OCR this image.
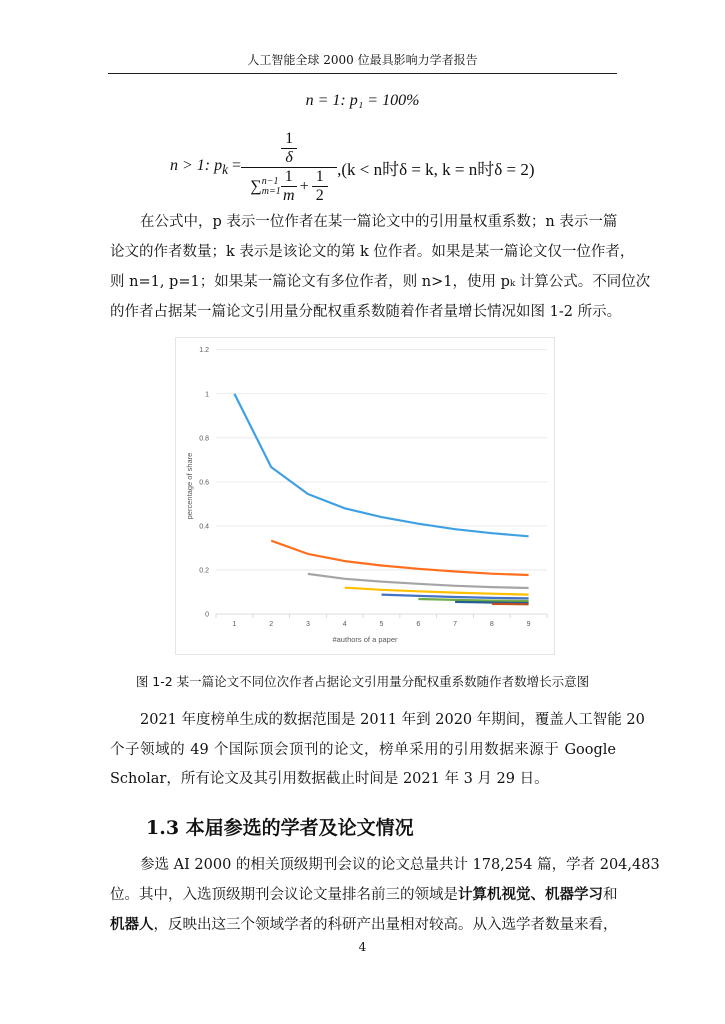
人工智能全球 2000 位最具影响力学者报告
n = 1: p₁ = 100%
n > 1: $p_k = \frac{1}{\delta}$
∑ n−1
$m=1 \frac{1}{m} + \frac{1}{2} ,(k < n$时δ = k, k = n时δ = 2)
在公式中，p 表示一位作者在某一篇论文中的引用量权重系数；n 表示一篇
论文的作者数量；k 表示是该论文的第 k 位作者。如果是某一篇论文仅一位作者，
则 n=1, p=1；如果某一篇论文有多位作者，则 n>1，使用 pₖ 计算公式。不同位次
的作者占据某一篇论文引用量分配权重系数随着作者量增长情况如图 1-2 所示。
0
0.2
0.4
0.6
0.8
1
1.2
1	2	3	4	5	6	7	8	9
#authors of a paper
percentage of share
图 1-2 某一篇论文不同位次作者占据论文引用量分配权重系数随作者数增长示意图
2021 年度榜单生成的数据范围是 2011 年到 2020 年期间，覆盖人工智能 20
个子领域的 49 个国际顶会顶刊的论文，榜单采用的引用数据来源于 Google
Scholar，所有论文及其引用数据截止时间是 2021 年 3 月 29 日。
1.3 本届参选的学者及论文情况
参选 AI 2000 的相关顶级期刊会议的论文总量共计 178,254 篇，学者 204,483
位。其中，入选顶级期刊会议论文量排名前三的领域是计算机视觉、机器学习和
机器人，反映出这三个领域学者的科研产出量相对较高。从入选学者数量来看，
4
